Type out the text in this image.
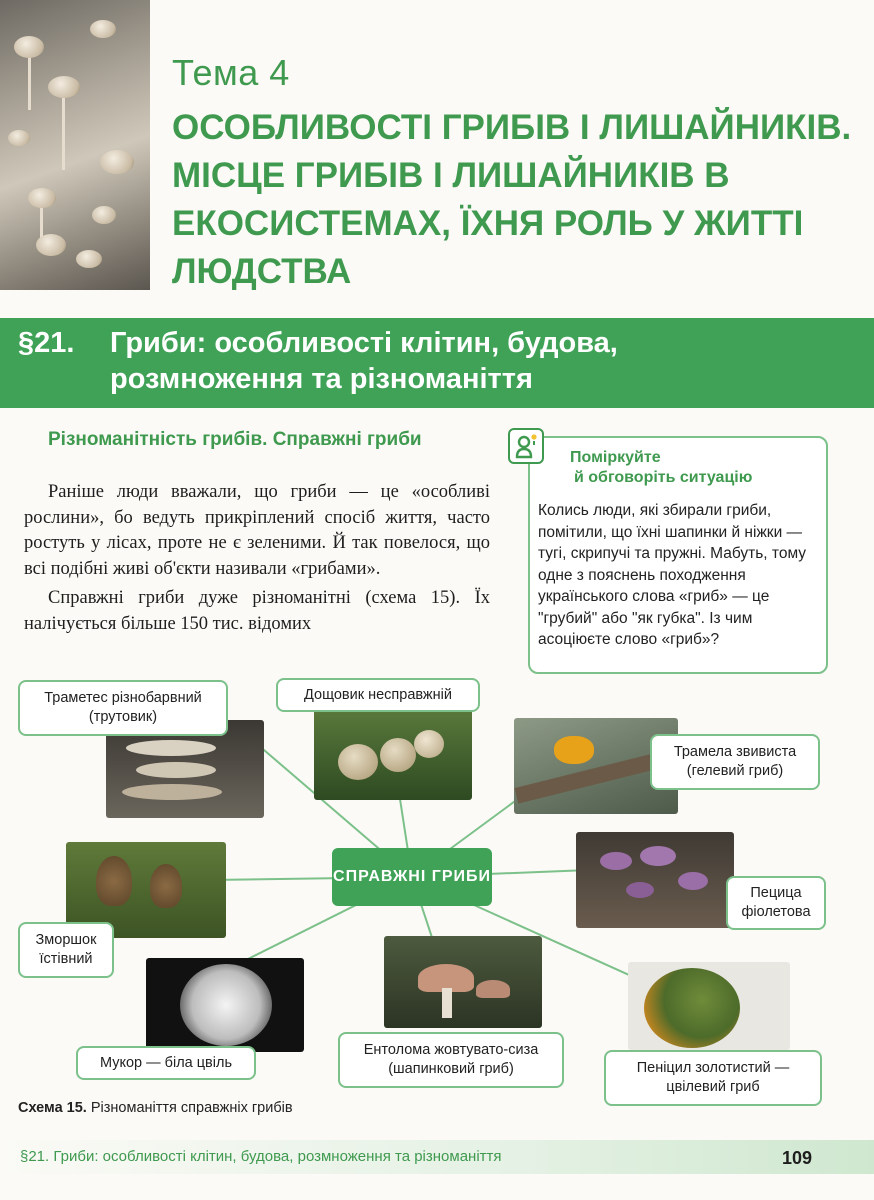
Тема 4
ОСОБЛИВОСТІ ГРИБІВ І ЛИШАЙНИКІВ. МІСЦЕ ГРИБІВ І ЛИШАЙНИКІВ В ЕКОСИСТЕМАХ, ЇХНЯ РОЛЬ У ЖИТТІ ЛЮДСТВА
§21. Гриби: особливості клітин, будова,
розмноження та різноманіття
Різноманітність грибів. Справжні гриби

Раніше люди вважали, що гриби — це «особливі рослини», бо ведуть прикріплений спосіб життя, часто ростуть у лісах, проте не є зеленими. Й так повелося, що всі подібні живі об'єкти називали «грибами».

Справжні гриби дуже різноманітні (схема 15). Їх налічується більше 150 тис. відомих

Поміркуйте
й обговоріть ситуацію
Колись люди, які збирали гриби, помітили, що їхні шапинки й ніжки — тугі, скрипучі та пружні. Мабуть, тому одне з пояснень походження українського слова «гриб» — це "грубий" або "як губка". Із чим асоціюєте слово «гриб»?
Траметес різнобарвний (трутовик)
Дощовик несправжній
Трамела звивиста (гелевий гриб)
Пецица фіолетова
Зморшок їстівний
Мукор — біла цвіль
Ентолома жовтувато-сиза (шапинковий гриб)	Пеніцил золотистий — цвілевий гриб
СПРАВЖНІ ГРИБИ
Схема 15. Різноманіття справжніх грибів
§21. Гриби: особливості клітин, будова, розмноження та різноманіття	109
